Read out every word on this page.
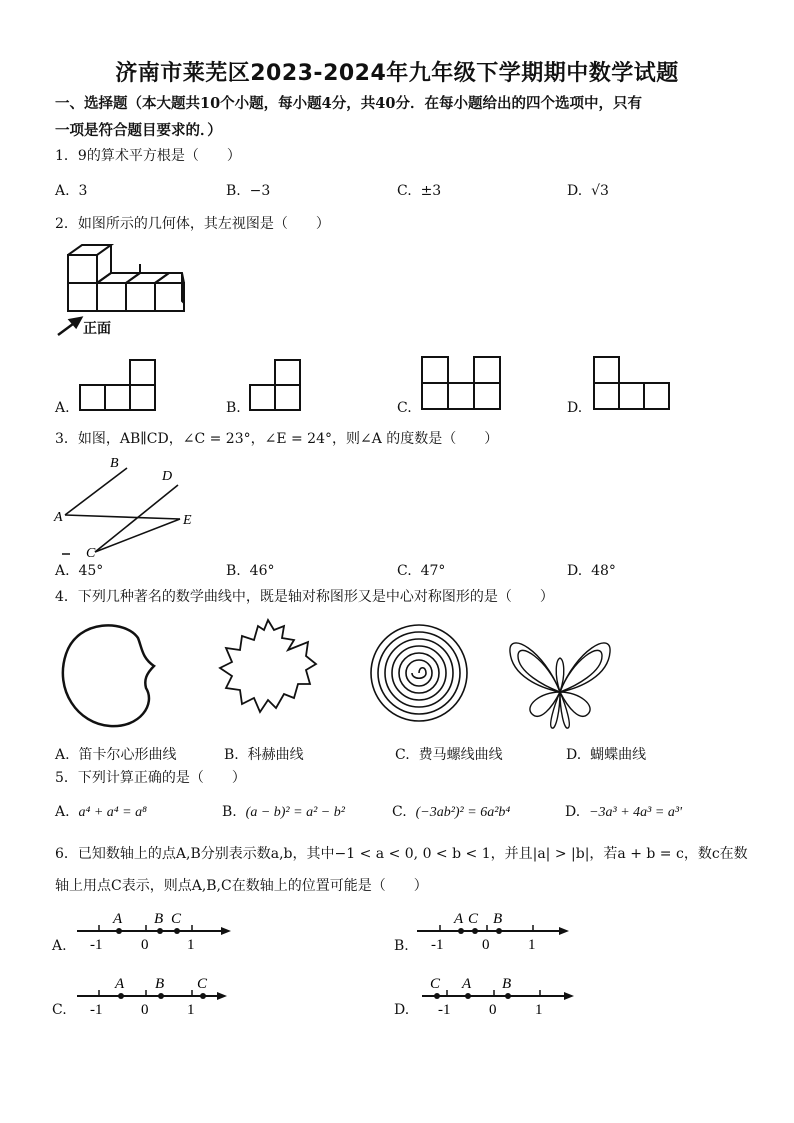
济南市莱芜区2023-2024年九年级下学期期中数学试题
一、选择题（本大题共10个小题，每小题4分，共40分．在每小题给出的四个选项中，只有
一项是符合题目要求的．）
1．9的算术平方根是（　　）
A. 3	B. −3	C. ±3	D. √3
2．如图所示的几何体，其左视图是（　　）
正面
A.	B.	C.	D.
3．如图，AB∥CD，∠C = 23°，∠E = 24°，则∠A 的度数是（　　）
B
D
A	E
C
A. 45°	B. 46°	C. 47°	D. 48°
4．下列几种著名的数学曲线中，既是轴对称图形又是中心对称图形的是（　　）
A. 笛卡尔心形曲线	B. 科赫曲线	C. 费马螺线曲线	D. 蝴蝶曲线
5．下列计算正确的是（　　）
A. a⁴ + a⁴ = a⁸	B. (a − b)² = a² − b²	C. (−3ab²)² = 6a²b⁴	D. −3a³ + 4a³ = a³'
6．已知数轴上的点A,B分别表示数a,b，其中−1 < a < 0, 0 < b < 1，并且|a| > |b|，若a + b = c，数c在数
轴上用点C表示，则点A,B,C在数轴上的位置可能是（　　）
A.
A B C
-1	0	1	B.
A C B
-1	0	1
C.
A B C
-1	0	1	D.
C A B
-1	0	1
